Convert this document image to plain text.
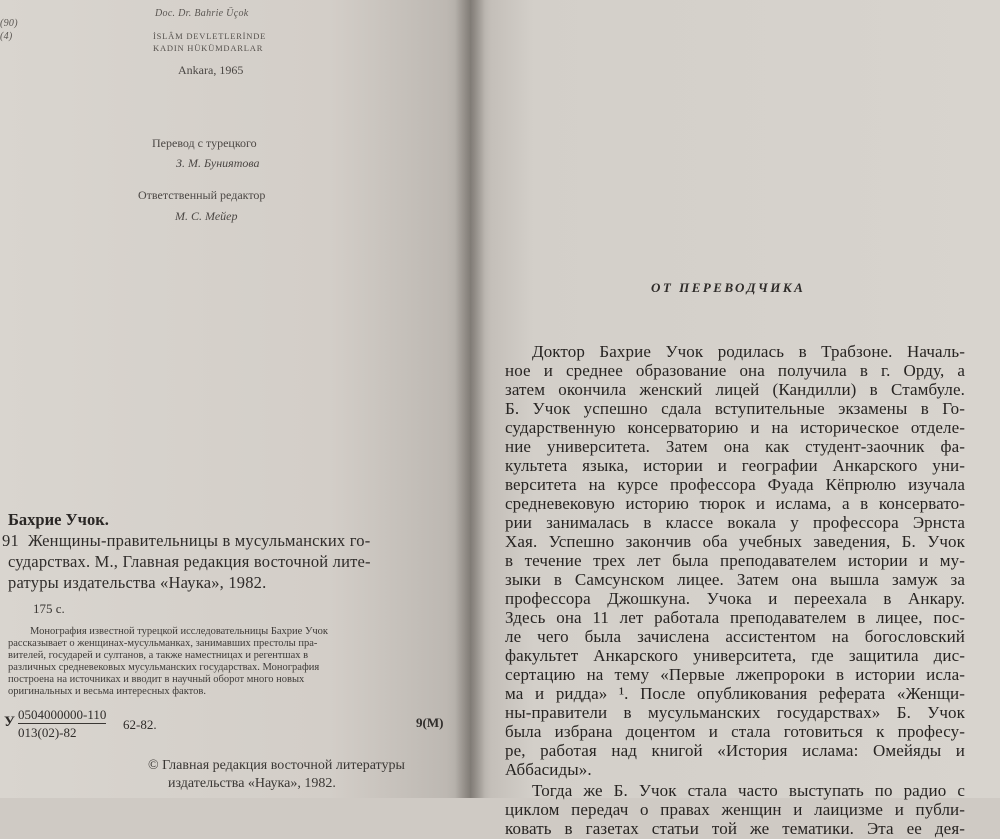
(90)
(4)
Doc. Dr. Bahrie Üçok
İSLÂM DEVLETLERİNDE
KADIN HÜKÜMDARLAR
Ankara, 1965
Перевод с турецкого
З. М. Буниятова
Ответственный редактор
М. С. Мейер
Бахрие Учок.
91 Женщины-правительницы в мусульманских го-
сударствах. М., Главная редакция восточной лите-
ратуры издательства «Наука», 1982.
175 с.
Монография известной турецкой исследовательницы Бахрие Учок
рассказывает о женщинах-мусульманках, занимавших престолы пра-
вителей, государей и султанов, а также наместницах и регентшах в
различных средневековых мусульманских государствах. Монография
построена на источниках и вводит в научный оборот много новых
оригинальных и весьма интересных фактов.
У 0504000000-110
013(02)-82
62-82.	9(М)
© Главная редакция восточной литературы
издательства «Наука», 1982.
ОТ ПЕРЕВОДЧИКА
Доктор Бахрие Учок родилась в Трабзоне. Началь-
ное и среднее образование она получила в г. Орду, а
затем окончила женский лицей (Кандилли) в Стамбуле.
Б. Учок успешно сдала вступительные экзамены в Го-
сударственную консерваторию и на историческое отделе-
ние университета. Затем она как студент-заочник фа-
культета языка, истории и географии Анкарского уни-
верситета на курсе профессора Фуада Кёпрюлю изучала
средневековую историю тюрок и ислама, а в консервато-
рии занималась в классе вокала у профессора Эрнста
Хая. Успешно закончив оба учебных заведения, Б. Учок
в течение трех лет была преподавателем истории и му-
зыки в Самсунском лицее. Затем она вышла замуж за
профессора Джошкуна. Учока и переехала в Анкару.
Здесь она 11 лет работала преподавателем в лицее, пос-
ле чего была зачислена ассистентом на богословский
факультет Анкарского университета, где защитила дис-
сертацию на тему «Первые лжепророки в истории исла-
ма и ридда» ¹. После опубликования реферата «Женщи-
ны-правители в мусульманских государствах» Б. Учок
была избрана доцентом и стала готовиться к професу-
ре, работая над книгой «История ислама: Омейяды и
Аббасиды».
Тогда же Б. Учок стала часто выступать по радио с
циклом передач о правах женщин и лаицизме и публи-
ковать в газетах статьи той же тематики. Эта ее дея-
